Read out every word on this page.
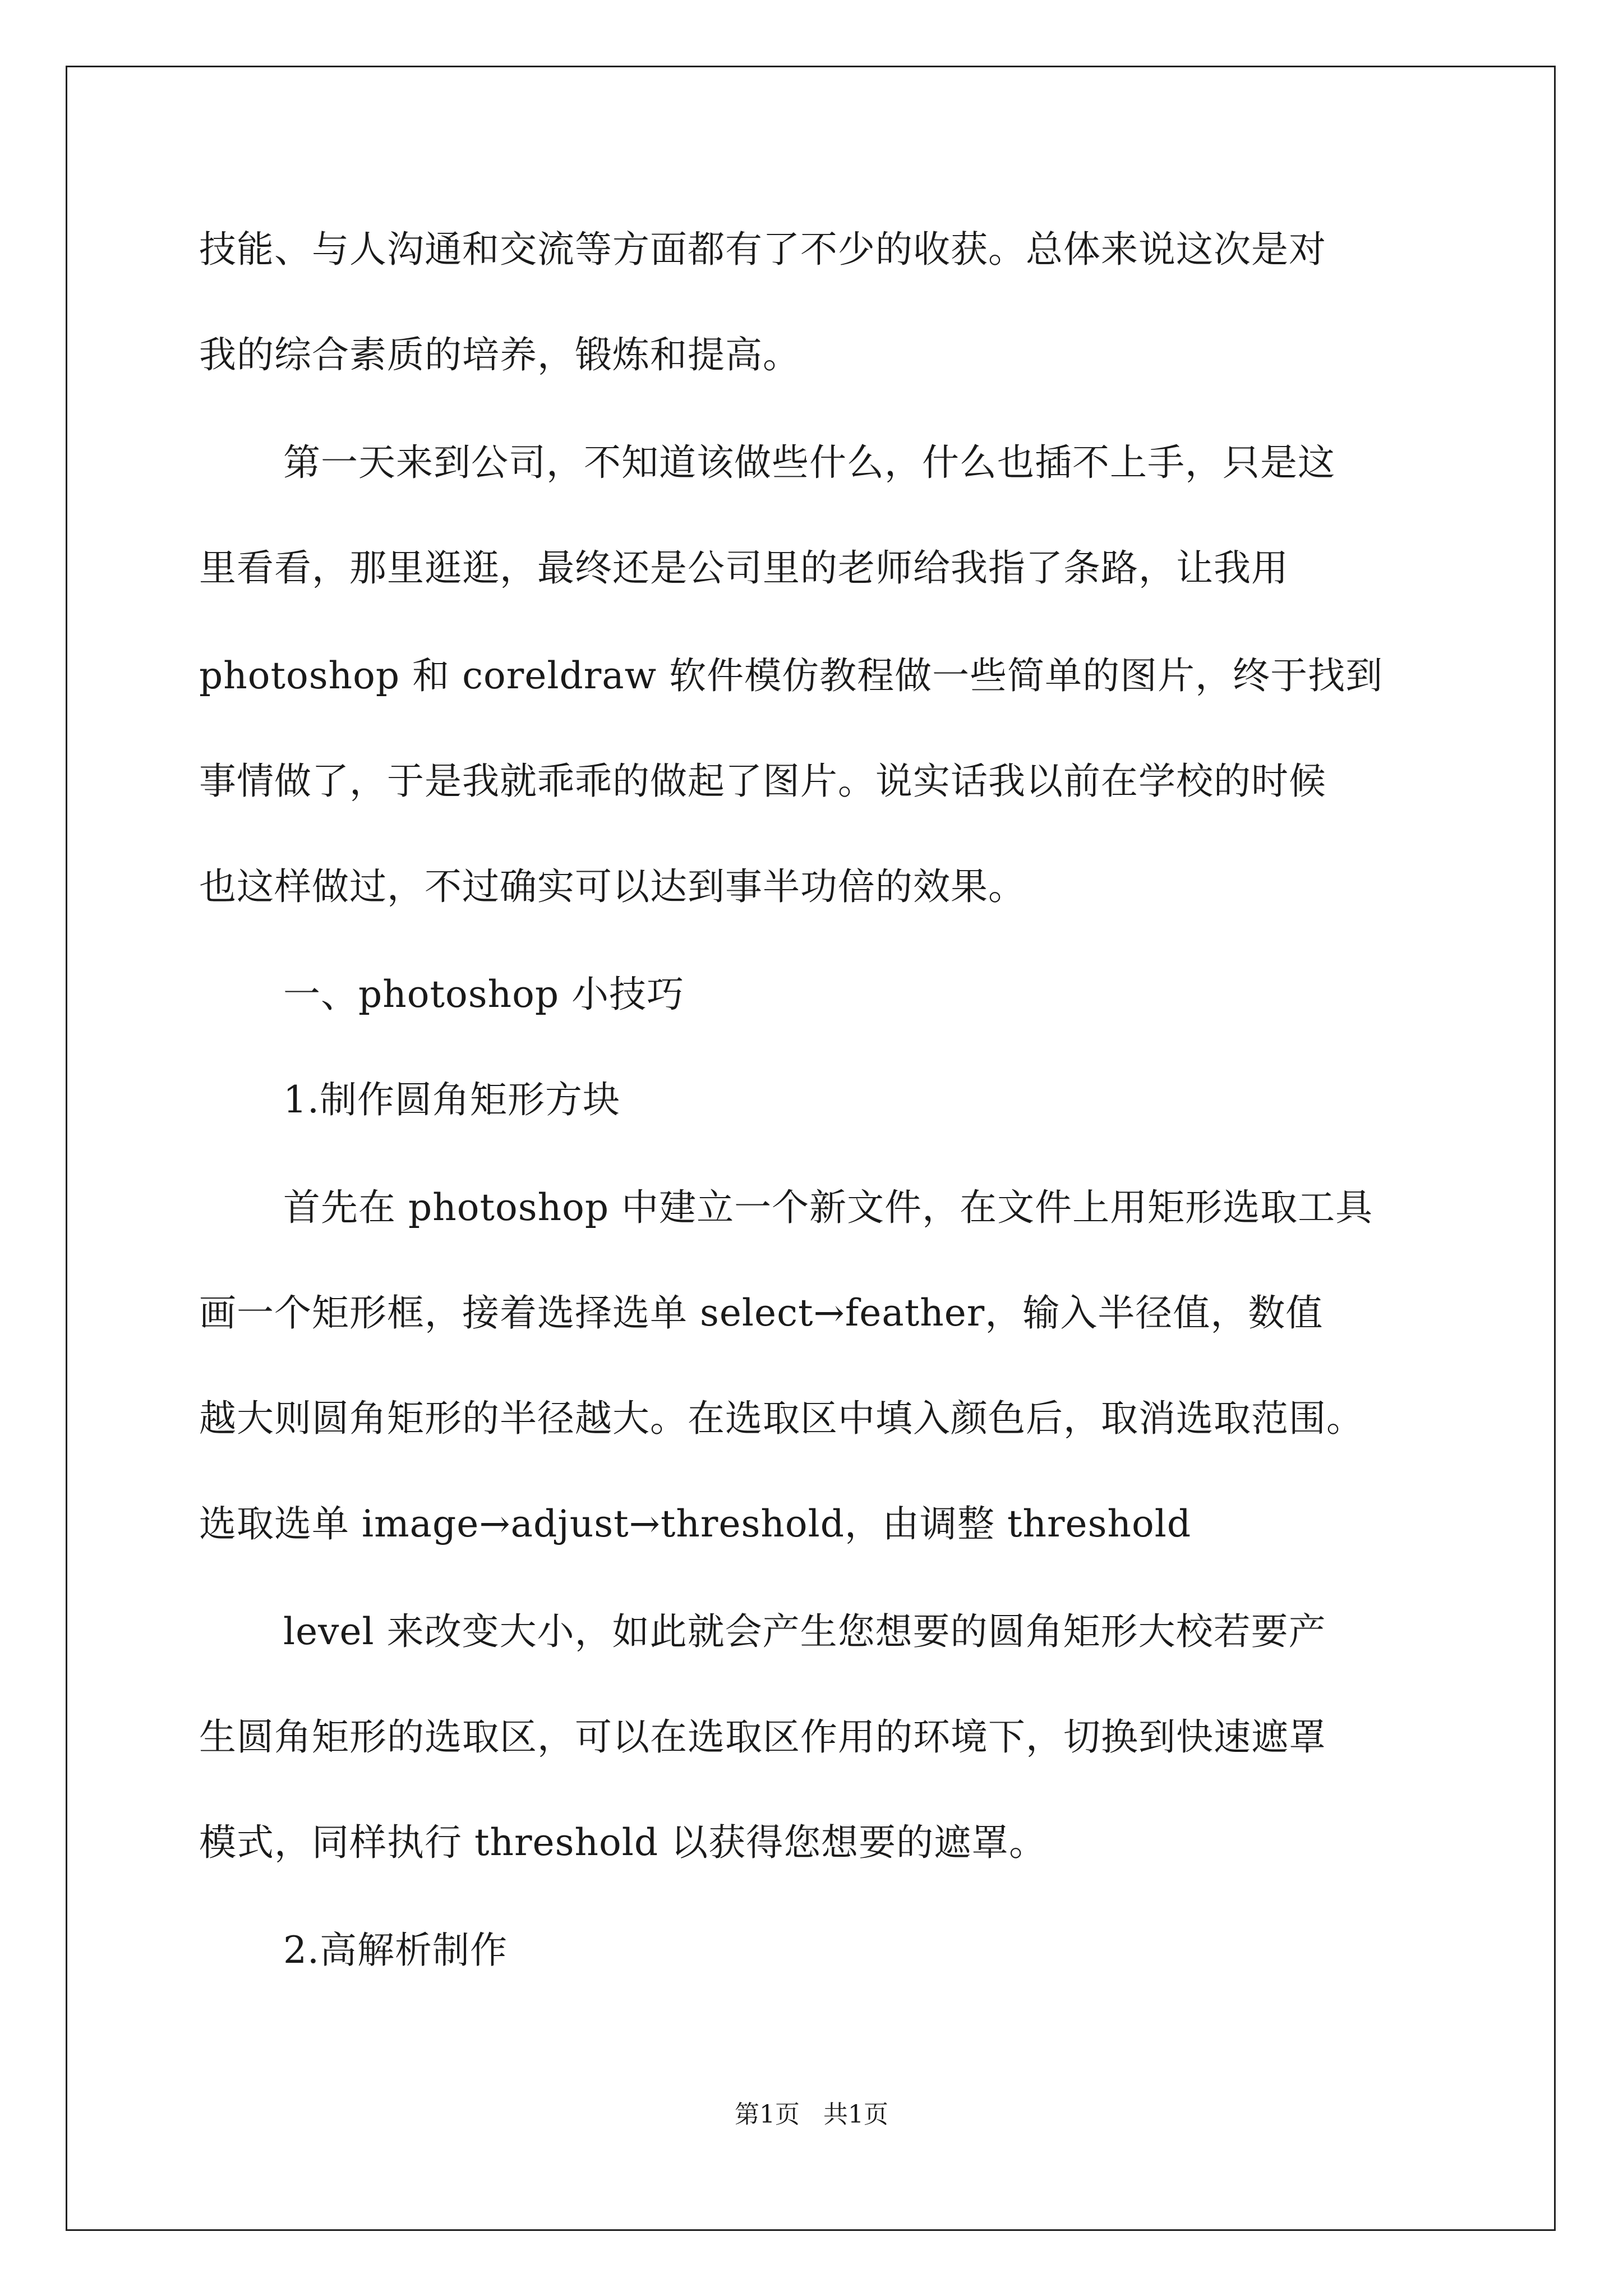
技能、与人沟通和交流等方面都有了不少的收获。总体来说这次是对
我的综合素质的培养，锻炼和提高。
第一天来到公司，不知道该做些什么，什么也插不上手，只是这
里看看，那里逛逛，最终还是公司里的老师给我指了条路，让我用
photoshop 和 coreldraw 软件模仿教程做一些简单的图片，终于找到
事情做了，于是我就乖乖的做起了图片。说实话我以前在学校的时候
也这样做过，不过确实可以达到事半功倍的效果。
一、photoshop 小技巧
1.制作圆角矩形方块
首先在 photoshop 中建立一个新文件，在文件上用矩形选取工具
画一个矩形框，接着选择选单 select→feather，输入半径值，数值
越大则圆角矩形的半径越大。在选取区中填入颜色后，取消选取范围。
选取选单 image→adjust→threshold，由调整 threshold
level 来改变大小，如此就会产生您想要的圆角矩形大校若要产
生圆角矩形的选取区，可以在选取区作用的环境下，切换到快速遮罩
模式，同样执行 threshold 以获得您想要的遮罩。
2.高解析制作
第1页   共1页
